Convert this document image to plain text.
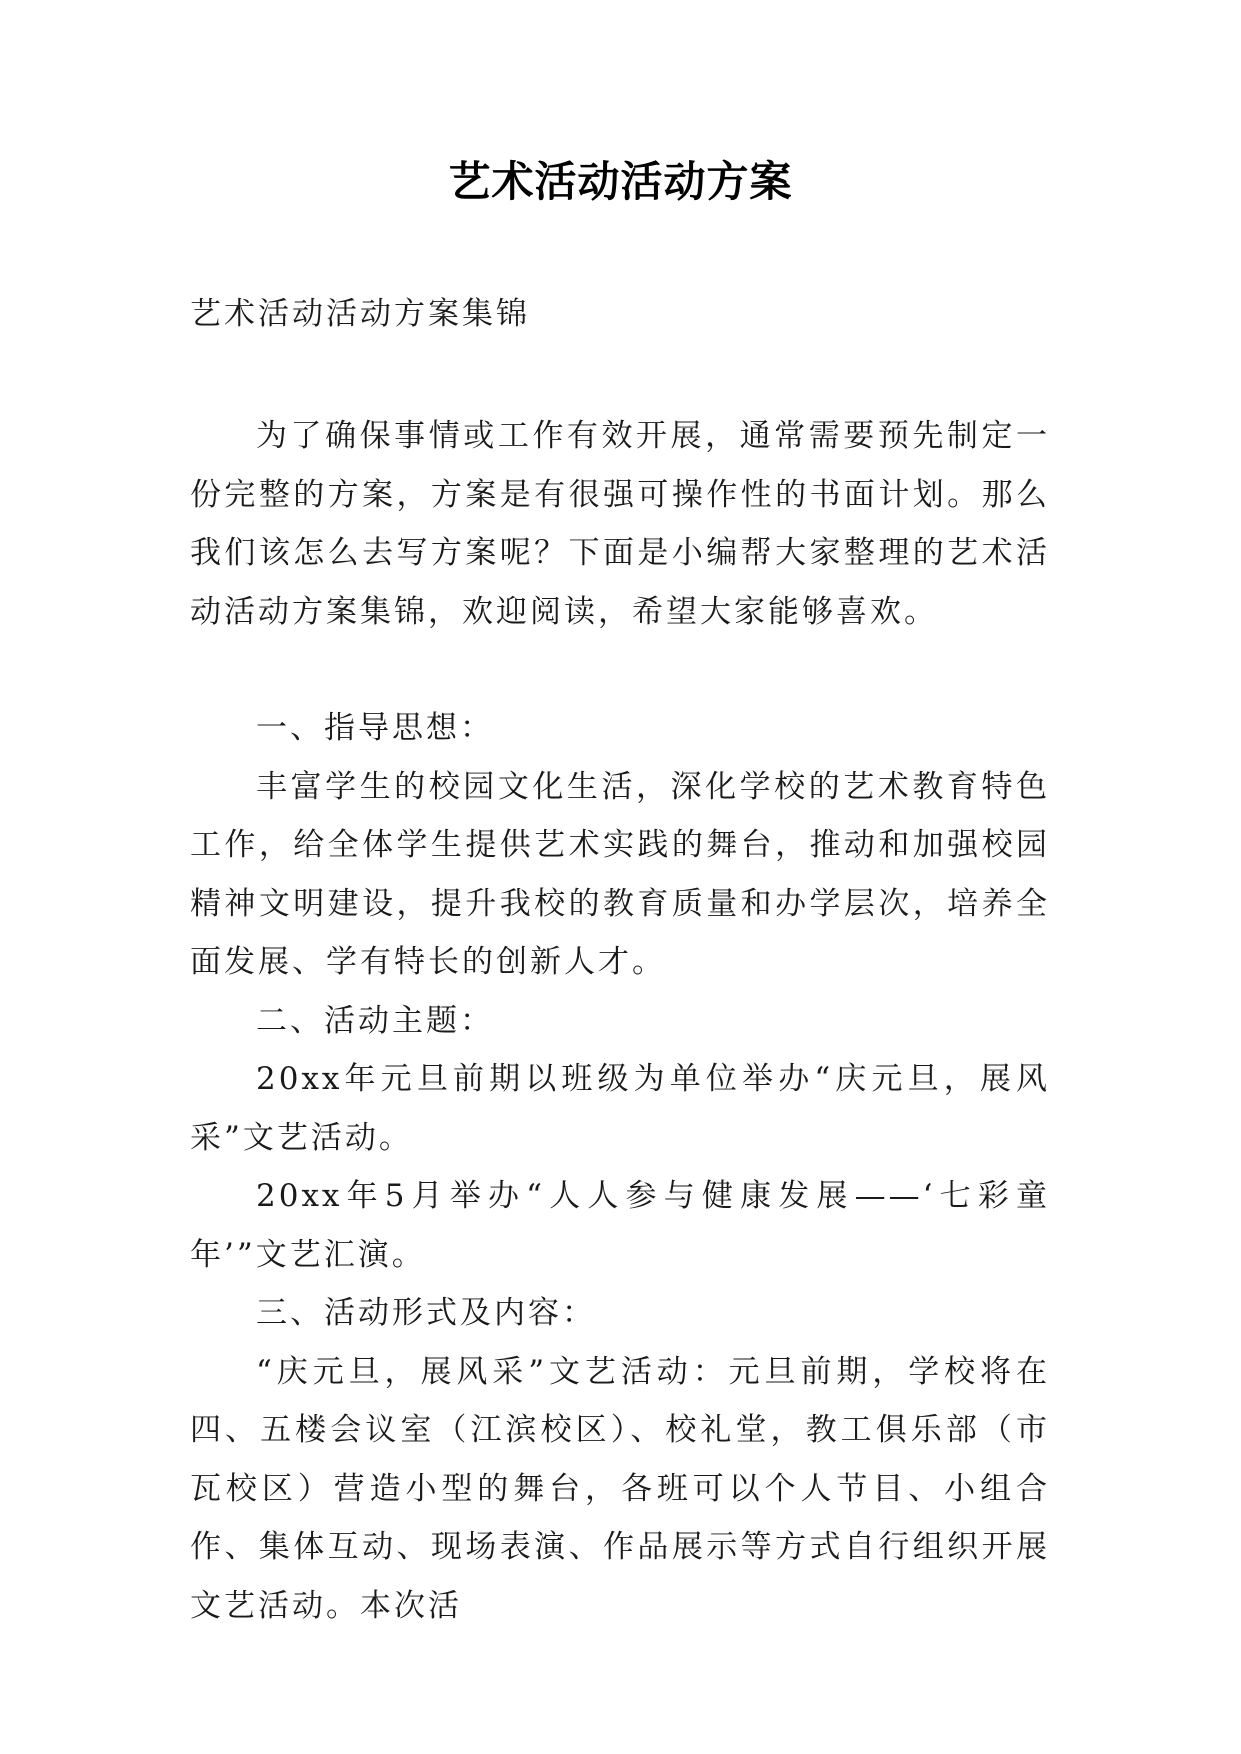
艺术活动活动方案

艺术活动活动方案集锦

为了确保事情或工作有效开展，通常需要预先制定一份完整的方案，方案是有很强可操作性的书面计划。那么我们该怎么去写方案呢？下面是小编帮大家整理的艺术活动活动方案集锦，欢迎阅读，希望大家能够喜欢。

一、指导思想：

丰富学生的校园文化生活，深化学校的艺术教育特色工作，给全体学生提供艺术实践的舞台，推动和加强校园精神文明建设，提升我校的教育质量和办学层次，培养全面发展、学有特长的创新人才。

二、活动主题：

20xx年元旦前期以班级为单位举办“庆元旦，展风采”文艺活动。

20xx年5月举办“人人参与健康发展——‘七彩童年’”文艺汇演。

三、活动形式及内容：

“庆元旦，展风采”文艺活动：元旦前期，学校将在四、五楼会议室（江滨校区）、校礼堂，教工俱乐部（市瓦校区）营造小型的舞台，各班可以个人节目、小组合作、集体互动、现场表演、作品展示等方式自行组织开展文艺活动。本次活
